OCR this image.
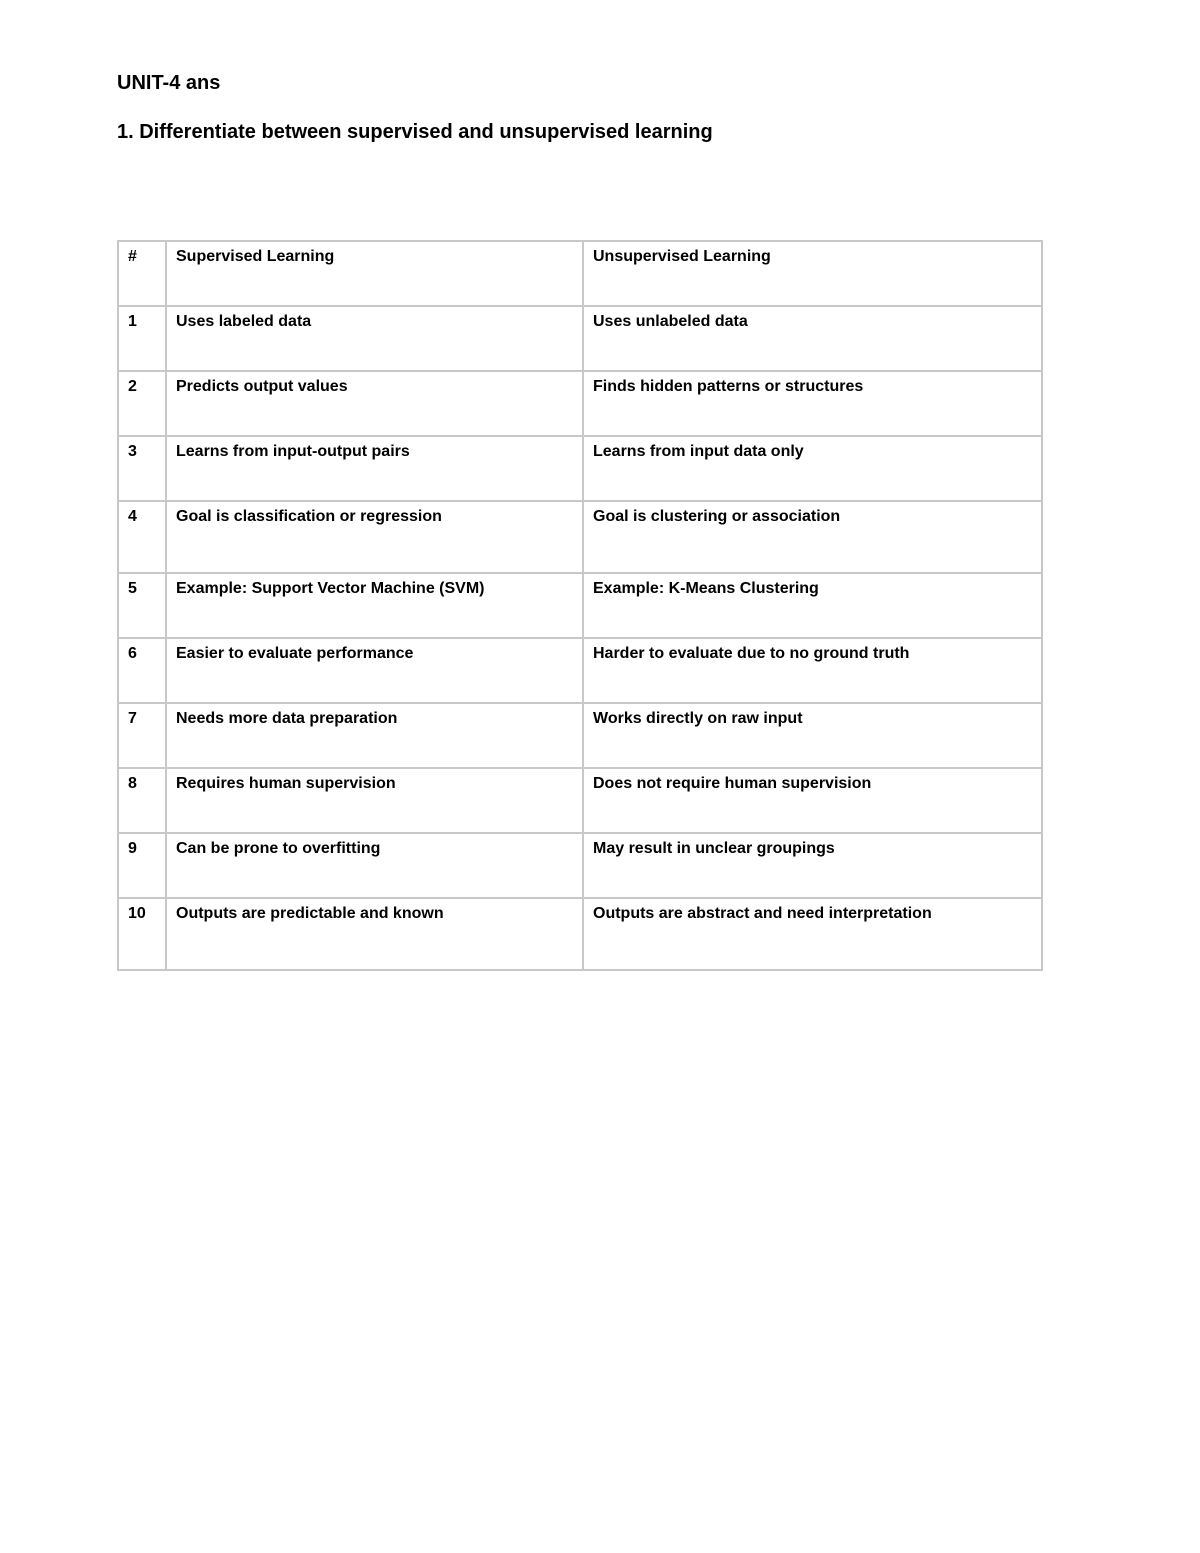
UNIT-4 ans
1. Differentiate between supervised and unsupervised learning
#	Supervised Learning	Unsupervised Learning
1	Uses labeled data	Uses unlabeled data
2	Predicts output values	Finds hidden patterns or structures
3	Learns from input-output pairs	Learns from input data only
4	Goal is classification or regression	Goal is clustering or association
5	Example: Support Vector Machine (SVM)	Example: K-Means Clustering
6	Easier to evaluate performance	Harder to evaluate due to no ground truth
7	Needs more data preparation	Works directly on raw input
8	Requires human supervision	Does not require human supervision
9	Can be prone to overfitting	May result in unclear groupings
10	Outputs are predictable and known	Outputs are abstract and need interpretation
